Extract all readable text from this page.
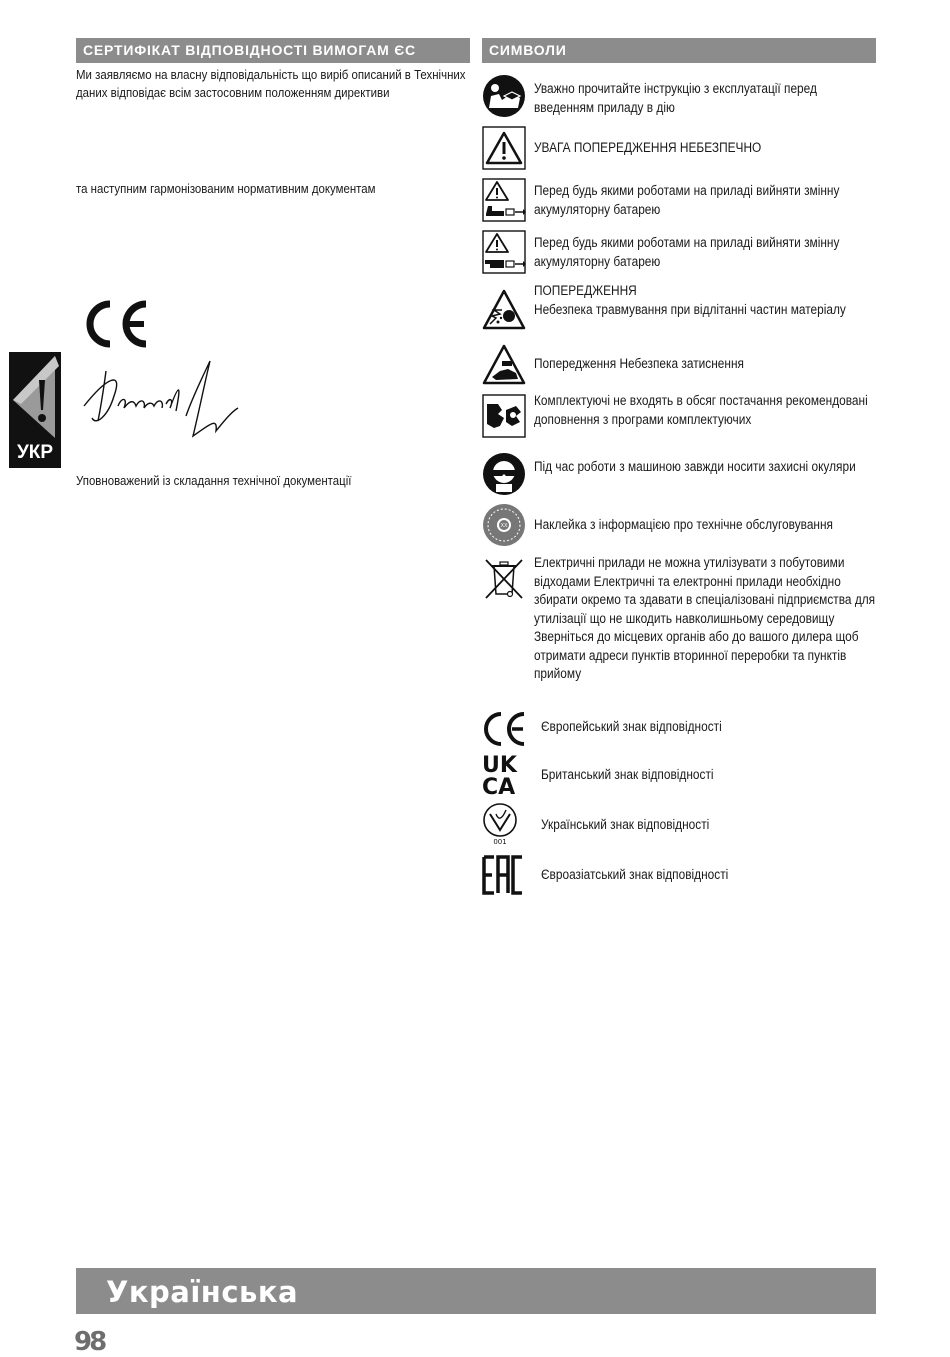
СЕРТИФІКАТ ВІДПОВІДНОСТІ ВИМОГАМ ЄС
Ми заявляємо на власну відповідальність що виріб описаний в Технічних даних відповідає всім застосовним положенням директиви
та наступним гармонізованим нормативним документам
Уповноважений із складання технічної документації
УКР
СИМВОЛИ
Уважно прочитайте інструкцію з експлуатації перед введенням приладу в дію
УВАГА ПОПЕРЕДЖЕННЯ НЕБЕЗПЕЧНО
Перед будь якими роботами на приладі вийняти змінну акумуляторну батарею
Перед будь якими роботами на приладі вийняти змінну акумуляторну батарею
ПОПЕРЕДЖЕННЯ
Небезпека травмування при відлітанні частин матеріалу
Попередження Небезпека затиснення
Комплектуючі не входять в обсяг постачання рекомендовані доповнення з програми комплектуючих
Під час роботи з машиною завжди носити захисні окуляри
XX Наклейка з інформацією про технічне обслуговування
Електричні прилади не можна утилізувати з побутовими відходами Електричні та електронні прилади необхідно збирати окремо та здавати в спеціалізовані підприємства для утилізації що не шкодить навколишньому середовищу Зверніться до місцевих органів або до вашого дилера щоб отримати адреси пунктів вторинної переробки та пунктів прийому
Європейський знак відповідності
UK
CA
Британський знак відповідності
001
Український знак відповідності
Євроазіатський знак відповідності
Українська
98
